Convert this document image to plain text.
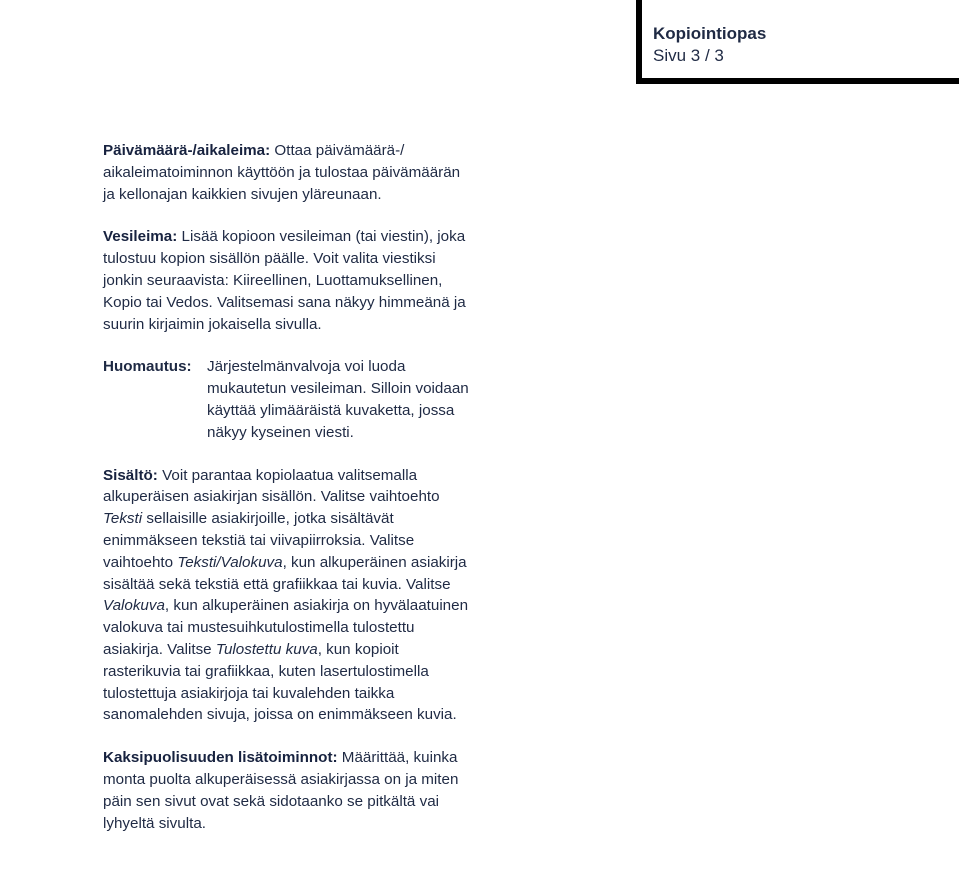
Kopiointiopas
Sivu 3 / 3

Päivämäärä-/aikaleima: Ottaa päivämäärä-/ aikaleimatoiminnon käyttöön ja tulostaa päivämäärän ja kellonajan kaikkien sivujen yläreunaan.

Vesileima: Lisää kopioon vesileiman (tai viestin), joka tulostuu kopion sisällön päälle. Voit valita viestiksi jonkin seuraavista: Kiireellinen, Luottamuksellinen, Kopio tai Vedos. Valitsemasi sana näkyy himmeänä ja suurin kirjaimin jokaisella sivulla.

Huomautus:	Järjestelmänvalvoja voi luoda mukautetun vesileiman. Silloin voidaan käyttää ylimääräistä kuvaketta, jossa näkyy kyseinen viesti.

Sisältö: Voit parantaa kopiolaatua valitsemalla alkuperäisen asiakirjan sisällön. Valitse vaihtoehto Teksti sellaisille asiakirjoille, jotka sisältävät enimmäkseen tekstiä tai viivapiirroksia. Valitse vaihtoehto Teksti/Valokuva, kun alkuperäinen asiakirja sisältää sekä tekstiä että grafiikkaa tai kuvia. Valitse Valokuva, kun alkuperäinen asiakirja on hyvälaatuinen valokuva tai mustesuihkutulostimella tulostettu asiakirja. Valitse Tulostettu kuva, kun kopioit rasterikuvia tai grafiikkaa, kuten lasertulostimella tulostettuja asiakirjoja tai kuvalehden taikka sanomalehden sivuja, joissa on enimmäkseen kuvia.

Kaksipuolisuuden lisätoiminnot: Määrittää, kuinka monta puolta alkuperäisessä asiakirjassa on ja miten päin sen sivut ovat sekä sidotaanko se pitkältä vai lyhyeltä sivulta.
